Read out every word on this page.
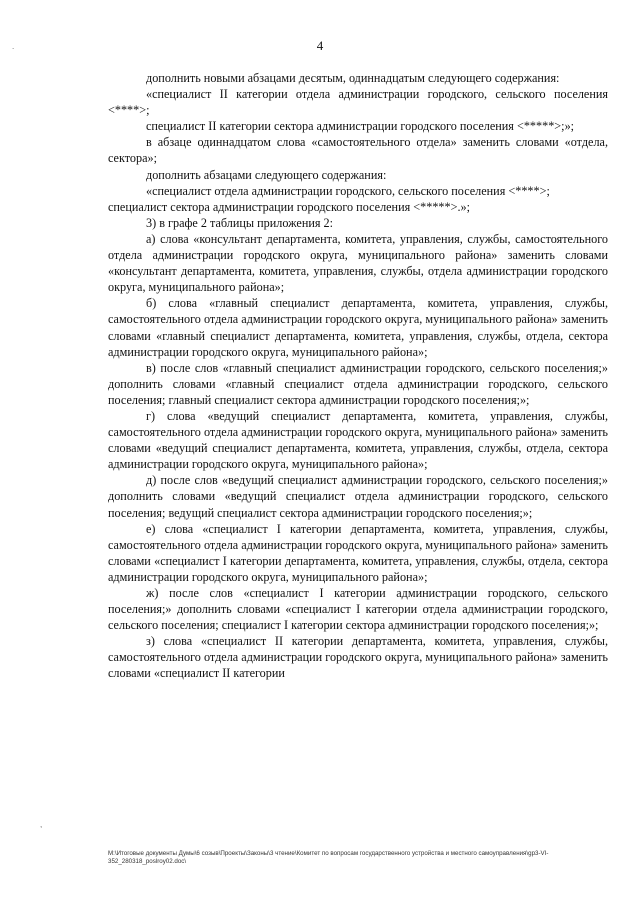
4
.
,

дополнить новыми абзацами десятым, одиннадцатым следующего содержания:

«специалист II категории отдела администрации городского, сельского поселения <****>;

специалист II категории сектора администрации городского поселения <*****>;»;

в абзаце одиннадцатом слова «самостоятельного отдела» заменить словами «отдела, сектора»;

дополнить абзацами следующего содержания:

«специалист отдела администрации городского, сельского поселения <****>;

специалист сектора администрации городского поселения <*****>.»;

3) в графе 2 таблицы приложения 2:

а) слова «консультант департамента, комитета, управления, службы, самостоятельного отдела администрации городского округа, муниципального района» заменить словами «консультант департамента, комитета, управления, службы, отдела администрации городского округа, муниципального района»;

б) слова «главный специалист департамента, комитета, управления, службы, самостоятельного отдела администрации городского округа, муниципального района» заменить словами «главный специалист департамента, комитета, управления, службы, отдела, сектора администрации городского округа, муниципального района»;

в) после слов «главный специалист администрации городского, сельского поселения;» дополнить словами «главный специалист отдела администрации городского, сельского поселения; главный специалист сектора администрации городского поселения;»;

г) слова «ведущий специалист департамента, комитета, управления, службы, самостоятельного отдела администрации городского округа, муниципального района» заменить словами «ведущий специалист департамента, комитета, управления, службы, отдела, сектора администрации городского округа, муниципального района»;

д) после слов «ведущий специалист администрации городского, сельского поселения;» дополнить словами «ведущий специалист отдела администрации городского, сельского поселения; ведущий специалист сектора администрации городского поселения;»;

е) слова «специалист I категории департамента, комитета, управления, службы, самостоятельного отдела администрации городского округа, муниципального района» заменить словами «специалист I категории департамента, комитета, управления, службы, отдела, сектора администрации городского округа, муниципального района»;

ж) после слов «специалист I категории администрации городского, сельского поселения;» дополнить словами «специалист I категории отдела администрации городского, сельского поселения; специалист I категории сектора администрации городского поселения;»;

з) слова «специалист II категории департамента, комитета, управления, службы, самостоятельного отдела администрации городского округа, муниципального района» заменить словами «специалист II категории

M:\Итоговые документы Думы\6 созыв\Проекты\Законы\3 чтение\Комитет по вопросам государственного устройства и местного самоуправления\gp3-VI-352_280318_poslroy02.doc\
